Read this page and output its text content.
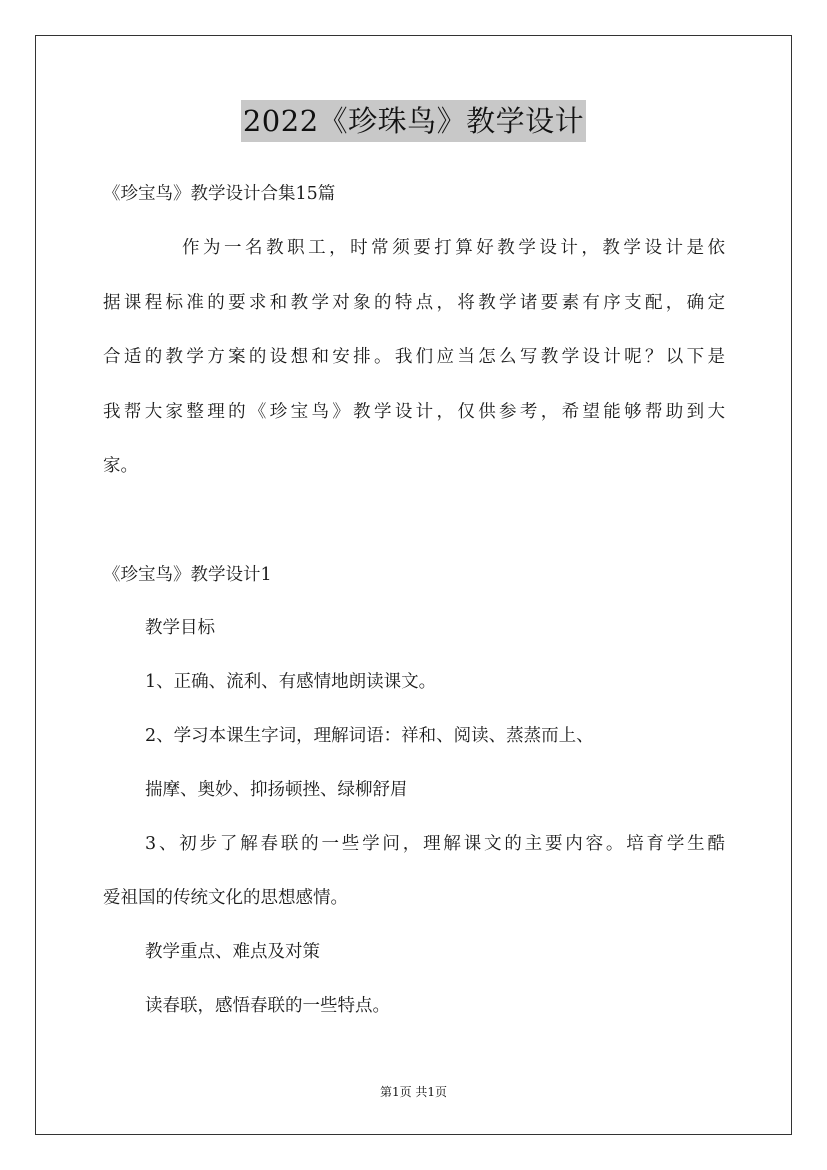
2022《珍珠鸟》教学设计
《珍宝鸟》教学设计合集15篇
作为一名教职工，时常须要打算好教学设计，教学设计是依
据课程标准的要求和教学对象的特点，将教学诸要素有序支配，确定
合适的教学方案的设想和安排。我们应当怎么写教学设计呢？以下是
我帮大家整理的《珍宝鸟》教学设计，仅供参考，希望能够帮助到大
家。
《珍宝鸟》教学设计1
教学目标
1、正确、流利、有感情地朗读课文。
2、学习本课生字词，理解词语：祥和、阅读、蒸蒸而上、
揣摩、奥妙、抑扬顿挫、绿柳舒眉
3、初步了解春联的一些学问，理解课文的主要内容。培育学生酷
爱祖国的传统文化的思想感情。
教学重点、难点及对策
读春联，感悟春联的一些特点。
第1页 共1页
